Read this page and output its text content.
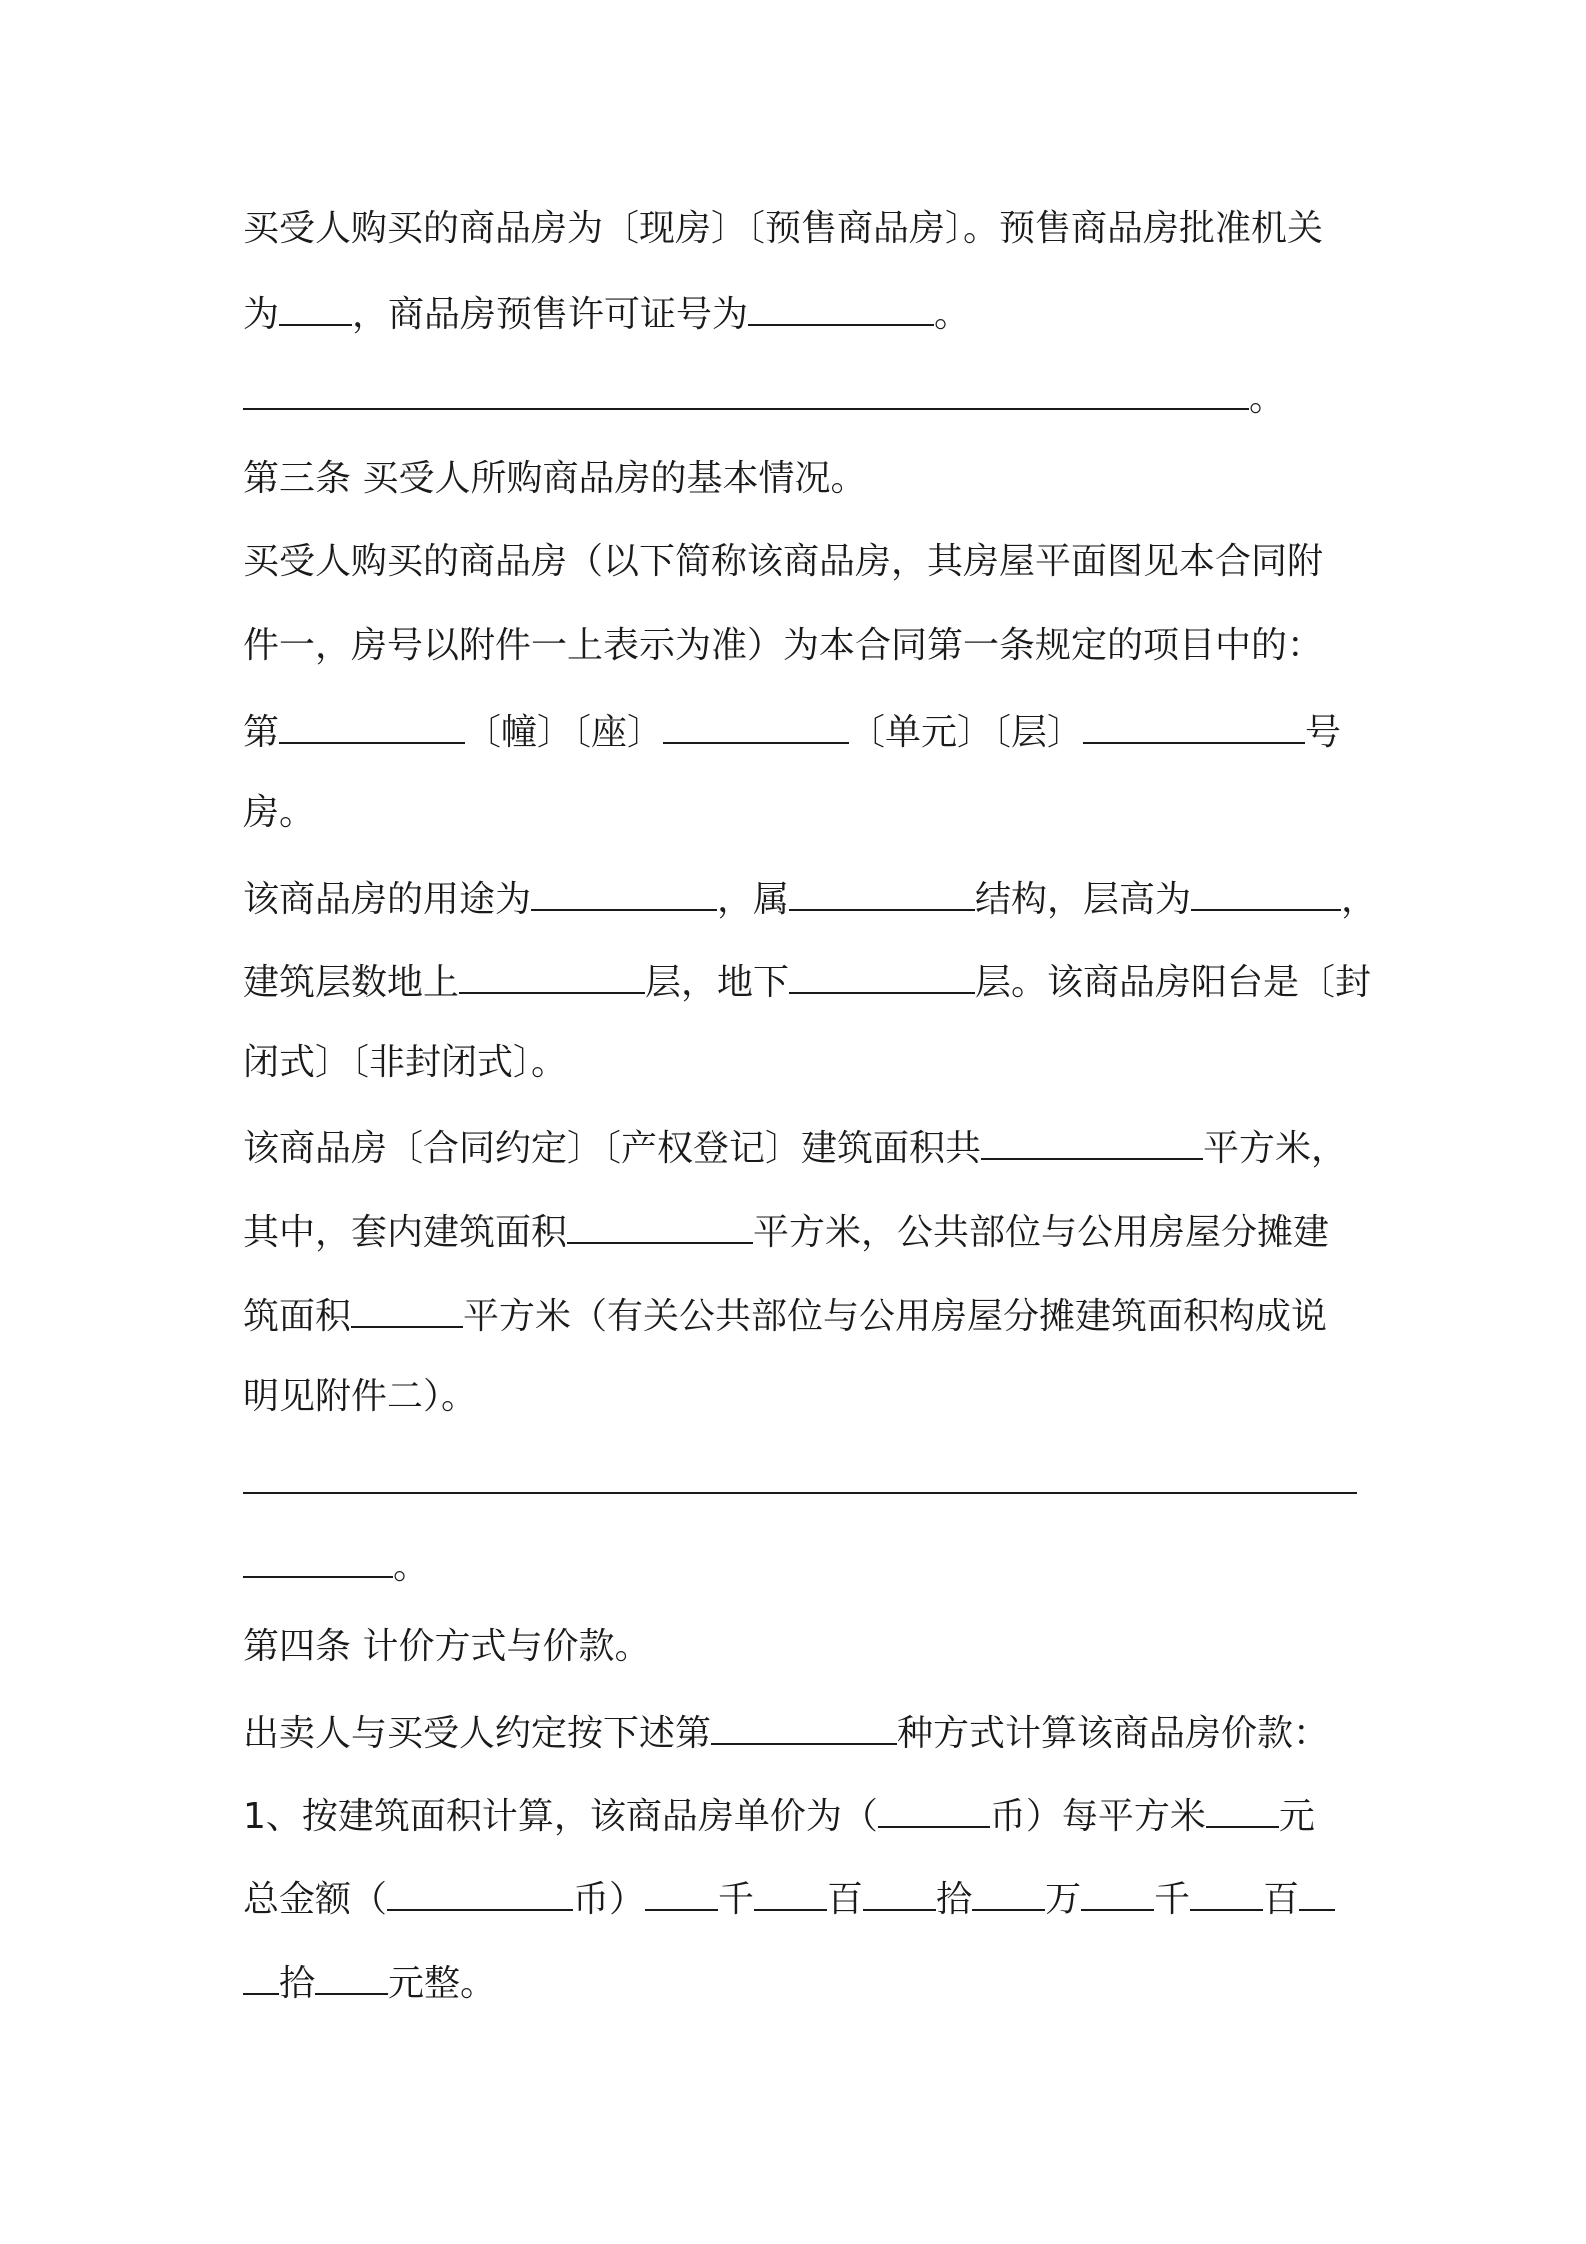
买受人购买的商品房为〔现房〕〔预售商品房〕。预售商品房批准机关
为 ，商品房预售许可证号为	。
。
第三条 买受人所购商品房的基本情况。
买受人购买的商品房（以下简称该商品房，其房屋平面图见本合同附
件一，房号以附件一上表示为准）为本合同第一条规定的项目中的：
第	〔幢〕〔座〕	〔单元〕〔层〕	号
房。
该商品房的用途为	，属	结构，层高为	，
建筑层数地上	层，地下	层。该商品房阳台是〔封
闭式〕〔非封闭式〕。
该商品房〔合同约定〕〔产权登记〕建筑面积共	平方米，
其中，套内建筑面积	平方米，公共部位与公用房屋分摊建
筑面积	平方米（有关公共部位与公用房屋分摊建筑面积构成说
明见附件二）。
。
第四条 计价方式与价款。
出卖人与买受人约定按下述第	种方式计算该商品房价款：
1、按建筑面积计算，该商品房单价为（	币）每平方米 元
总金额（	币） 千 百 拾 万 千 百
拾 元整。
